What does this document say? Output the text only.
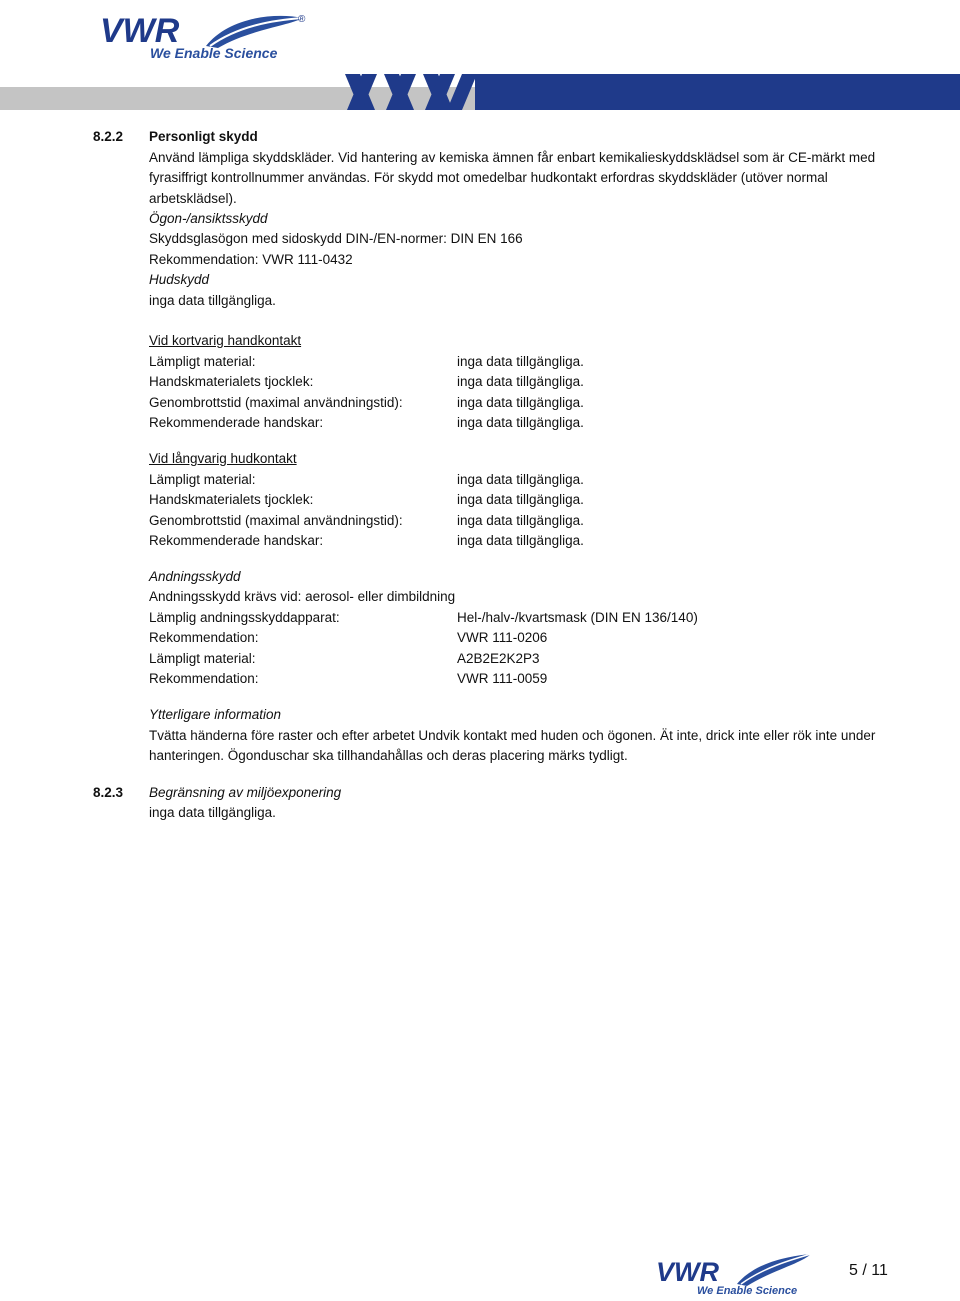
VWR	®
We Enable Science
8.2.2 Personligt skydd
Använd lämpliga skyddskläder. Vid hantering av kemiska ämnen får enbart kemikalieskyddsklädsel som är CE-märkt med
fyrasiffrigt kontrollnummer användas. För skydd mot omedelbar hudkontakt erfordras skyddskläder (utöver normal
arbetsklädsel).
Ögon-/ansiktsskydd
Skyddsglasögon med sidoskydd DIN-/EN-normer: DIN EN 166
Rekommendation: VWR 111-0432
Hudskydd
inga data tillgängliga.
Vid kortvarig handkontakt
Lämpligt material:	inga data tillgängliga.
Handskmaterialets tjocklek:	inga data tillgängliga.
Genombrottstid (maximal användningstid):	inga data tillgängliga.
Rekommenderade handskar:	inga data tillgängliga.
Vid långvarig hudkontakt
Lämpligt material:	inga data tillgängliga.
Handskmaterialets tjocklek:	inga data tillgängliga.
Genombrottstid (maximal användningstid):	inga data tillgängliga.
Rekommenderade handskar:	inga data tillgängliga.
Andningsskydd
Andningsskydd krävs vid: aerosol- eller dimbildning
Lämplig andningsskyddapparat:	Hel-/halv-/kvartsmask (DIN EN 136/140)
Rekommendation:	VWR 111-0206
Lämpligt material:	A2B2E2K2P3
Rekommendation:	VWR 111-0059
Ytterligare information
Tvätta händerna före raster och efter arbetet Undvik kontakt med huden och ögonen. Ät inte, drick inte eller rök inte under
hanteringen. Ögonduschar ska tillhandahållas och deras placering märks tydligt.
8.2.3 Begränsning av miljöexponering
inga data tillgängliga.
VWR
We Enable Science
5 / 11
